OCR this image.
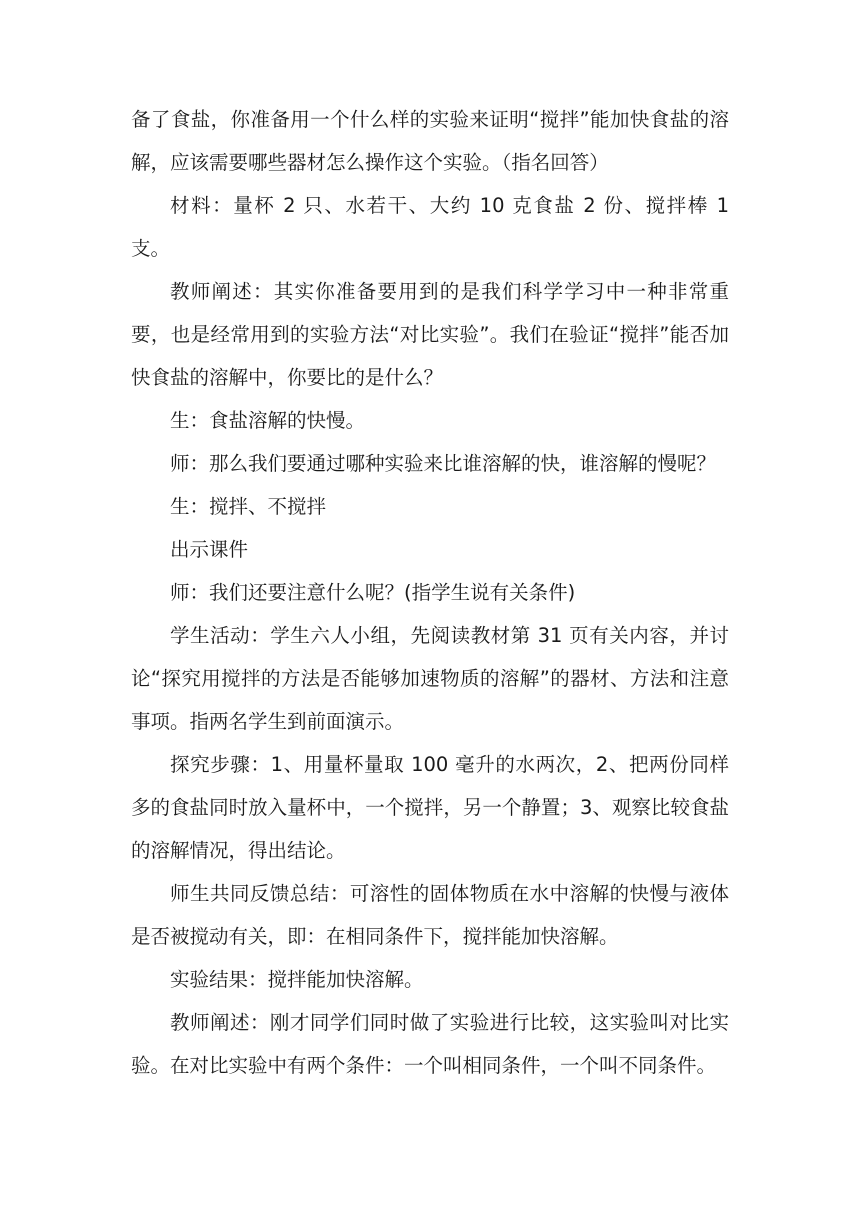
备了食盐，你准备用一个什么样的实验来证明“搅拌”能加快食盐的溶解，应该需要哪些器材怎么操作这个实验。（指名回答）

材料：量杯 2 只、水若干、大约 10 克食盐 2 份、搅拌棒 1 支。

教师阐述：其实你准备要用到的是我们科学学习中一种非常重要，也是经常用到的实验方法“对比实验”。我们在验证“搅拌”能否加快食盐的溶解中，你要比的是什么？

生：食盐溶解的快慢。

师：那么我们要通过哪种实验来比谁溶解的快，谁溶解的慢呢？

生：搅拌、不搅拌

出示课件

师：我们还要注意什么呢？(指学生说有关条件)

学生活动：学生六人小组，先阅读教材第 31 页有关内容，并讨论“探究用搅拌的方法是否能够加速物质的溶解”的器材、方法和注意事项。指两名学生到前面演示。

探究步骤：1、用量杯量取 100 毫升的水两次，2、把两份同样多的食盐同时放入量杯中，一个搅拌，另一个静置；3、观察比较食盐的溶解情况，得出结论。

师生共同反馈总结：可溶性的固体物质在水中溶解的快慢与液体是否被搅动有关，即：在相同条件下，搅拌能加快溶解。

实验结果：搅拌能加快溶解。

教师阐述：刚才同学们同时做了实验进行比较，这实验叫对比实验。在对比实验中有两个条件：一个叫相同条件，一个叫不同条件。
